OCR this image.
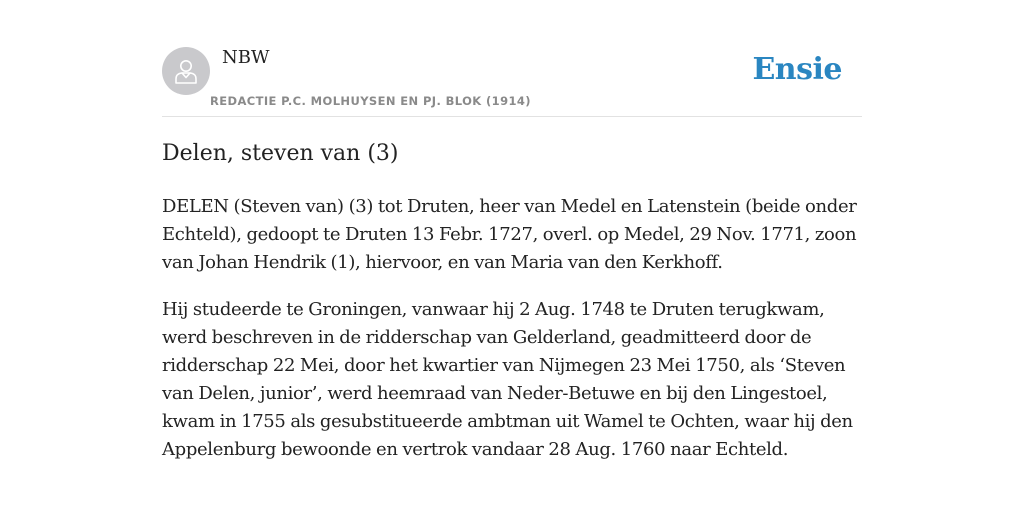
NBW
REDACTIE P.C. MOLHUYSEN EN PJ. BLOK (1914)
Ensie
Delen, steven van (3)

DELEN (Steven van) (3) tot Druten, heer van Medel en Latenstein (beide onder Echteld), gedoopt te Druten 13 Febr. 1727, overl. op Medel, 29 Nov. 1771, zoon van Johan Hendrik (1), hiervoor, en van Maria van den Kerkhoff.

Hij studeerde te Groningen, vanwaar hij 2 Aug. 1748 te Druten terugkwam, werd beschreven in de ridderschap van Gelderland, geadmitteerd door de ridderschap 22 Mei, door het kwartier van Nijmegen 23 Mei 1750, als ‘Steven van Delen, junior’, werd heemraad van Neder-Betuwe en bij den Lingestoel, kwam in 1755 als gesubstitueerde ambtman uit Wamel te Ochten, waar hij den Appelenburg bewoonde en vertrok vandaar 28 Aug. 1760 naar Echteld.
